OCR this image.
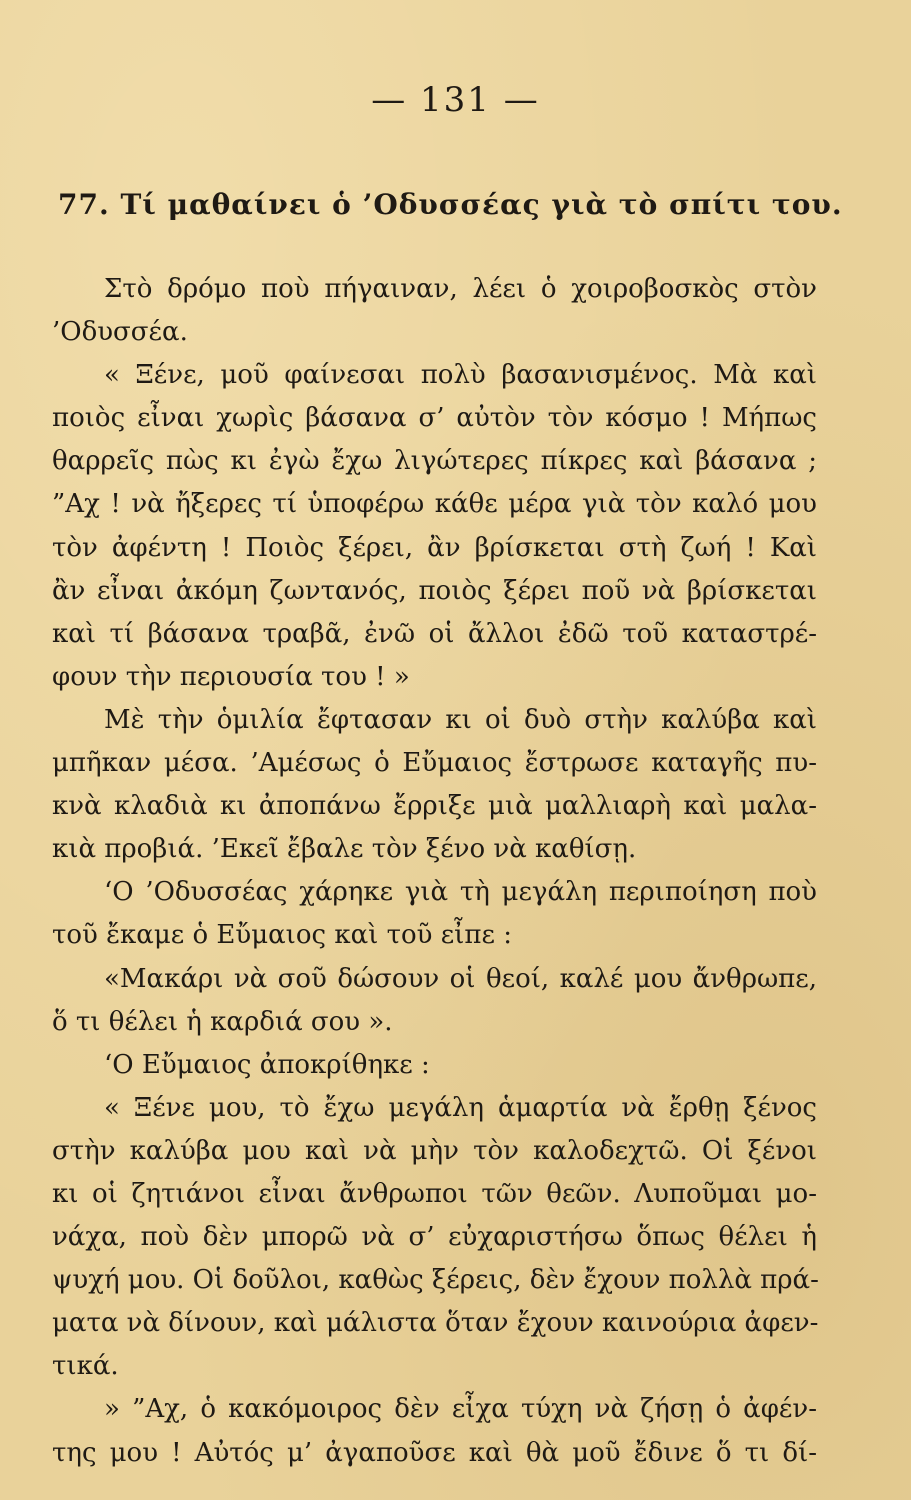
— 131 —
77. Τί μαθαίνει ὁ ’Οδυσσέας γιὰ τὸ σπίτι του.
Στὸ δρόμο ποὺ πήγαιναν, λέει ὁ χοιροβοσκὸς στὸν
’Οδυσσέα.
« Ξένε, μοῦ φαίνεσαι πολὺ βασανισμένος. Μὰ καὶ
ποιὸς εἶναι χωρὶς βάσανα σ’ αὐτὸν τὸν κόσμο ! Μήπως
θαρρεῖς πὼς κι ἐγὼ ἔχω λιγώτερες πίκρες καὶ βάσανα ;
”Αχ ! νὰ ἤξερες τί ὑποφέρω κάθε μέρα γιὰ τὸν καλό μου
τὸν ἀφέντη ! Ποιὸς ξέρει, ἂν βρίσκεται στὴ ζωή ! Καὶ
ἂν εἶναι ἀκόμη ζωντανός, ποιὸς ξέρει ποῦ νὰ βρίσκεται
καὶ τί βάσανα τραβᾶ, ἐνῶ οἱ ἄλλοι ἐδῶ τοῦ καταστρέ-
φουν τὴν περιουσία του ! »
Μὲ τὴν ὁμιλία ἔφτασαν κι οἱ δυὸ στὴν καλύβα καὶ
μπῆκαν μέσα. ’Αμέσως ὁ Εὔμαιος ἔστρωσε καταγῆς πυ-
κνὰ κλαδιὰ κι ἀποπάνω ἔρριξε μιὰ μαλλιαρὴ καὶ μαλα-
κιὰ προβιά. ’Εκεῖ ἔβαλε τὸν ξένο νὰ καθίσῃ.
‘Ο ’Οδυσσέας χάρηκε γιὰ τὴ μεγάλη περιποίηση ποὺ
τοῦ ἔκαμε ὁ Εὔμαιος καὶ τοῦ εἶπε :
«Μακάρι νὰ σοῦ δώσουν οἱ θεοί, καλέ μου ἄνθρωπε,
ὅ τι θέλει ἡ καρδιά σου ».
‘Ο Εὔμαιος ἀποκρίθηκε :
« Ξένε μου, τὸ ἔχω μεγάλη ἁμαρτία νὰ ἔρθῃ ξένος
στὴν καλύβα μου καὶ νὰ μὴν τὸν καλοδεχτῶ. Οἱ ξένοι
κι οἱ ζητιάνοι εἶναι ἄνθρωποι τῶν θεῶν. Λυποῦμαι μο-
νάχα, ποὺ δὲν μπορῶ νὰ σ’ εὐχαριστήσω ὅπως θέλει ἡ
ψυχή μου. Οἱ δοῦλοι, καθὼς ξέρεις, δὲν ἔχουν πολλὰ πρά-
ματα νὰ δίνουν, καὶ μάλιστα ὅταν ἔχουν καινούρια ἀφεν-
τικά.
» ”Αχ, ὁ κακόμοιρος δὲν εἶχα τύχη νὰ ζήσῃ ὁ ἀφέν-
της μου ! Αὐτός μ’ ἀγαποῦσε καὶ θὰ μοῦ ἔδινε ὅ τι δί-
